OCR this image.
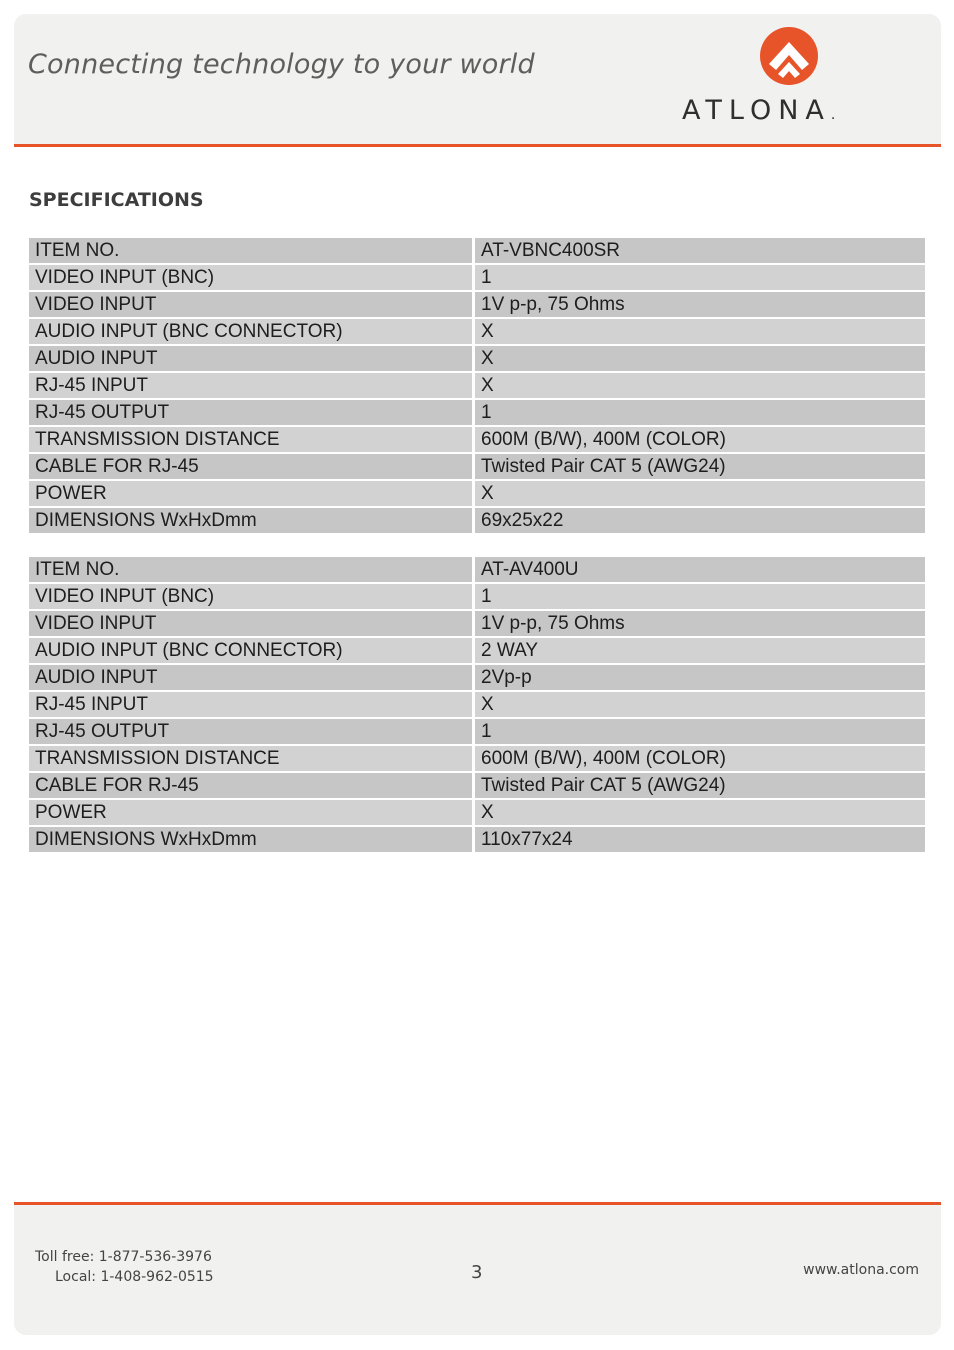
Connecting technology to your world
ATLONA.
SPECIFICATIONS
ITEM NO.	AT-VBNC400SR
VIDEO INPUT (BNC)	1
VIDEO INPUT	1V p-p, 75 Ohms
AUDIO INPUT (BNC CONNECTOR)	X
AUDIO INPUT	X
RJ-45 INPUT	X
RJ-45 OUTPUT	1
TRANSMISSION DISTANCE	600M (B/W), 400M (COLOR)
CABLE FOR RJ-45	Twisted Pair CAT 5 (AWG24)
POWER	X
DIMENSIONS WxHxDmm	69x25x22
ITEM NO.	AT-AV400U
VIDEO INPUT (BNC)	1
VIDEO INPUT	1V p-p, 75 Ohms
AUDIO INPUT (BNC CONNECTOR)	2 WAY
AUDIO INPUT	2Vp-p
RJ-45 INPUT	X
RJ-45 OUTPUT	1
TRANSMISSION DISTANCE	600M (B/W), 400M (COLOR)
CABLE FOR RJ-45	Twisted Pair CAT 5 (AWG24)
POWER	X
DIMENSIONS WxHxDmm	110x77x24
Toll free: 1-877-536-3976
Local: 1-408-962-0515	3	www.atlona.com
